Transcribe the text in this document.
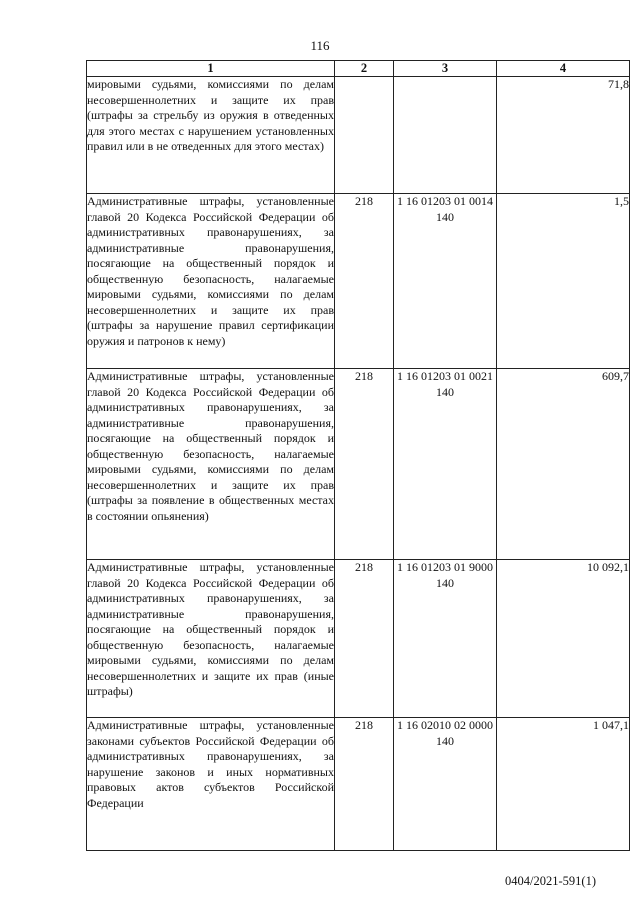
116
1	2	3	4
мировыми судьями, комиссиями по делам несовершеннолетних и защите их прав (штрафы за стрельбу из оружия в отведенных для этого местах с нарушением установленных правил или в не отведенных для этого местах)			71,8
Административные штрафы, установленные главой 20 Кодекса Российской Федерации об административных правонарушениях, за административные правонарушения, посягающие на общественный порядок и общественную безопасность, налагаемые мировыми судьями, комиссиями по делам несовершеннолетних и защите их прав (штрафы за нарушение правил сертификации оружия и патронов к нему)	218	1 16 01203 01 0014 140	1,5
Административные штрафы, установленные главой 20 Кодекса Российской Федерации об административных правонарушениях, за административные правонарушения, посягающие на общественный порядок и общественную безопасность, налагаемые мировыми судьями, комиссиями по делам несовершеннолетних и защите их прав (штрафы за появление в общественных местах в состоянии опьянения)	218	1 16 01203 01 0021 140	609,7
Административные штрафы, установленные главой 20 Кодекса Российской Федерации об административных правонарушениях, за административные правонарушения, посягающие на общественный порядок и общественную безопасность, налагаемые мировыми судьями, комиссиями по делам несовершеннолетних и защите их прав (иные штрафы)	218	1 16 01203 01 9000 140	10 092,1
Административные штрафы, установленные законами субъектов Российской Федерации об административных правонарушениях, за нарушение законов и иных нормативных правовых актов субъектов Российской Федерации	218	1 16 02010 02 0000 140	1 047,1
0404/2021-591(1)
